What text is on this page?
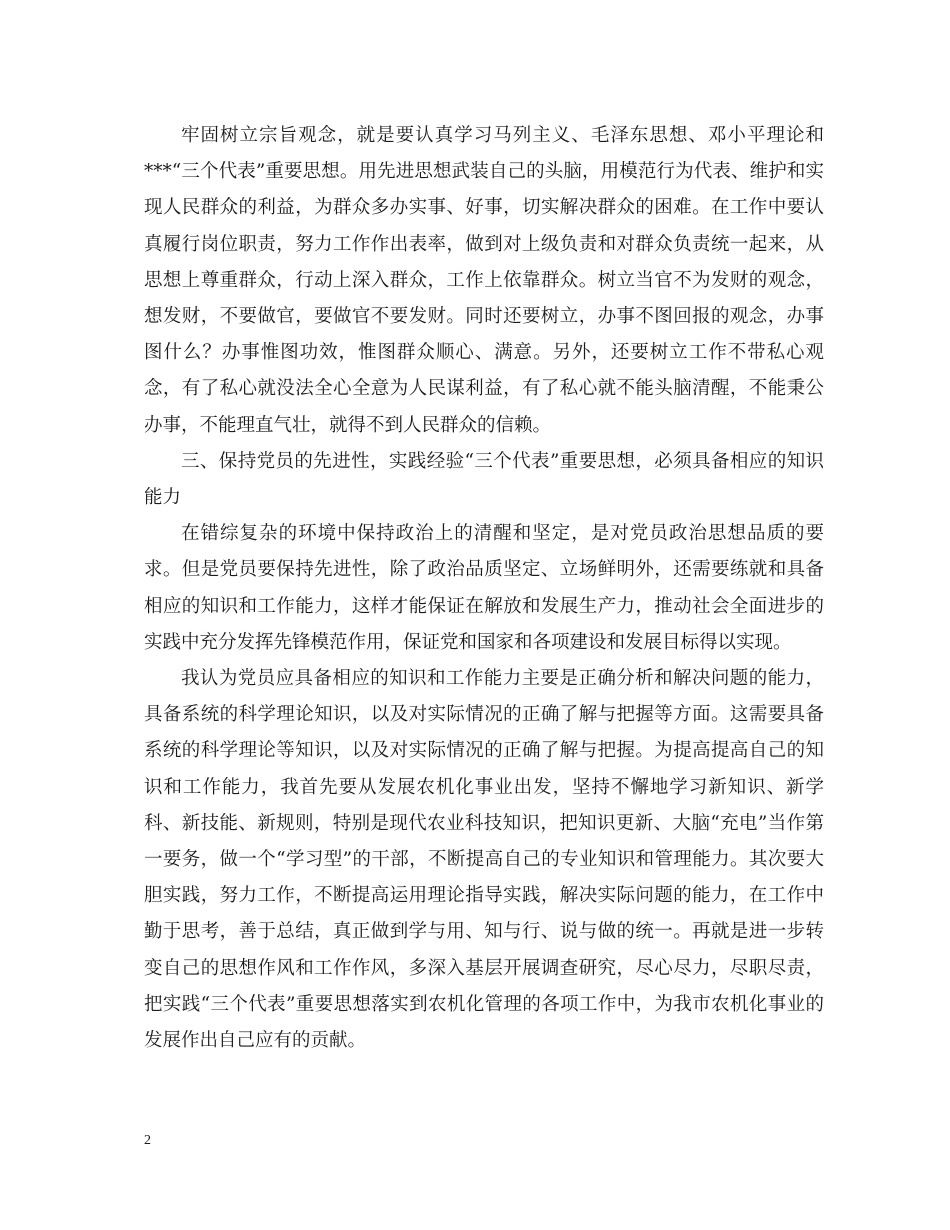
牢固树立宗旨观念，就是要认真学习马列主义、毛泽东思想、邓小平理论和***“三个代表”重要思想。用先进思想武装自己的头脑，用模范行为代表、维护和实现人民群众的利益，为群众多办实事、好事，切实解决群众的困难。在工作中要认真履行岗位职责，努力工作作出表率，做到对上级负责和对群众负责统一起来，从思想上尊重群众，行动上深入群众，工作上依靠群众。树立当官不为发财的观念，想发财，不要做官，要做官不要发财。同时还要树立，办事不图回报的观念，办事图什么？办事惟图功效，惟图群众顺心、满意。另外，还要树立工作不带私心观念，有了私心就没法全心全意为人民谋利益，有了私心就不能头脑清醒，不能秉公办事，不能理直气壮，就得不到人民群众的信赖。

三、保持党员的先进性，实践经验“三个代表”重要思想，必须具备相应的知识能力

在错综复杂的环境中保持政治上的清醒和坚定，是对党员政治思想品质的要求。但是党员要保持先进性，除了政治品质坚定、立场鲜明外，还需要练就和具备相应的知识和工作能力，这样才能保证在解放和发展生产力，推动社会全面进步的实践中充分发挥先锋模范作用，保证党和国家和各项建设和发展目标得以实现。

我认为党员应具备相应的知识和工作能力主要是正确分析和解决问题的能力，具备系统的科学理论知识，以及对实际情况的正确了解与把握等方面。这需要具备系统的科学理论等知识，以及对实际情况的正确了解与把握。为提高提高自己的知识和工作能力，我首先要从发展农机化事业出发，坚持不懈地学习新知识、新学科、新技能、新规则，特别是现代农业科技知识，把知识更新、大脑“充电”当作第一要务，做一个“学习型”的干部，不断提高自己的专业知识和管理能力。其次要大胆实践，努力工作，不断提高运用理论指导实践，解决实际问题的能力，在工作中勤于思考，善于总结，真正做到学与用、知与行、说与做的统一。再就是进一步转变自己的思想作风和工作作风，多深入基层开展调查研究，尽心尽力，尽职尽责，把实践“三个代表”重要思想落实到农机化管理的各项工作中，为我市农机化事业的发展作出自己应有的贡献。

2
